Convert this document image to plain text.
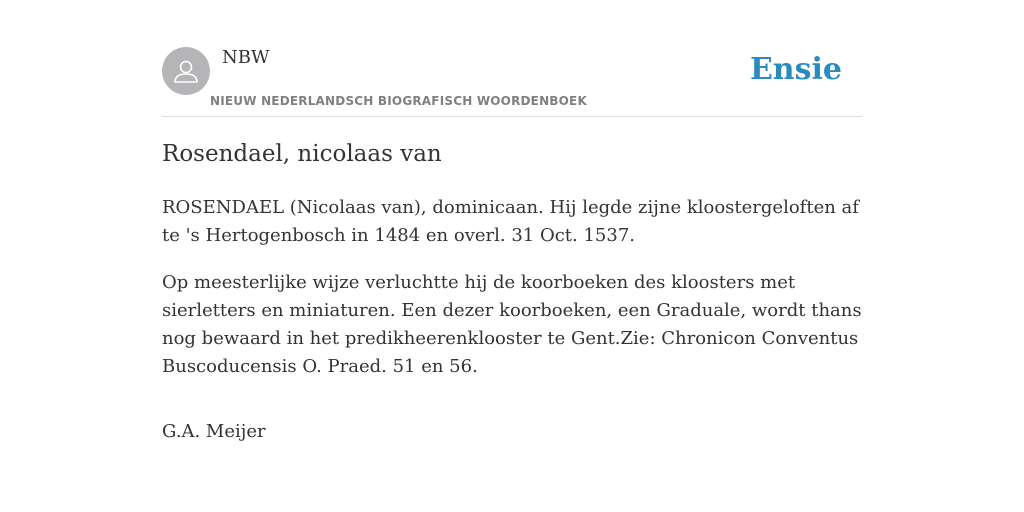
NBW
NIEUW NEDERLANDSCH BIOGRAFISCH WOORDENBOEK
Ensie
Rosendael, nicolaas van

ROSENDAEL (Nicolaas van), dominicaan. Hij legde zijne kloostergeloften af te 's Hertogenbosch in 1484 en overl. 31 Oct. 1537.

Op meesterlijke wijze verluchtte hij de koorboeken des kloosters met sierletters en miniaturen. Een dezer koorboeken, een Graduale, wordt thans nog bewaard in het predikheerenklooster te Gent.Zie: Chronicon Conventus Buscoducensis O. Praed. 51 en 56.

G.A. Meijer
